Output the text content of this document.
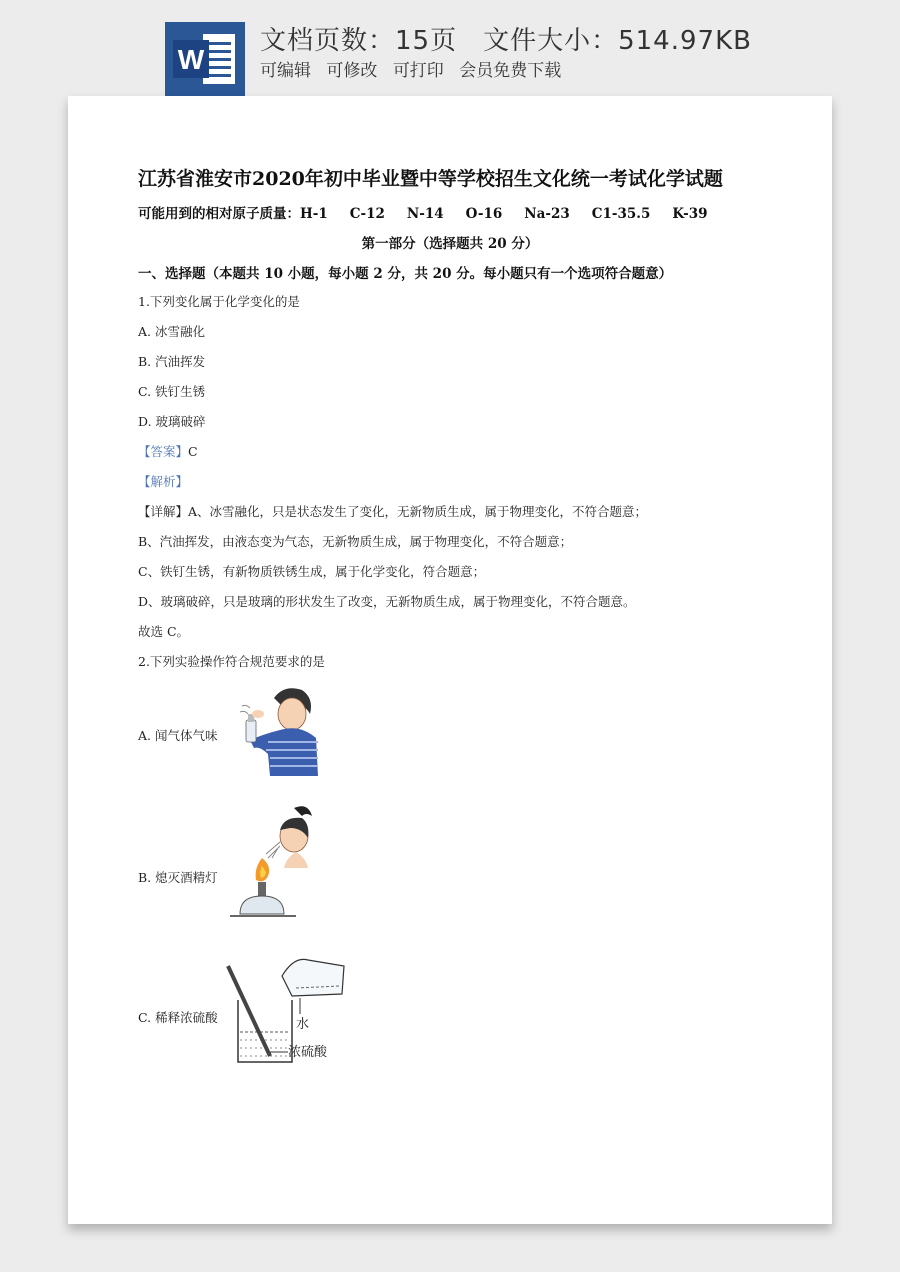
W
文档页数：15页 文件大小：514.97KB
可编辑 可修改 可打印 会员免费下载
江苏省淮安市2020年初中毕业暨中等学校招生文化统一考试化学试题
可能用到的相对原子质量：H-1 C-12 N-14 O-16 Na-23 C1-35.5 K-39
第一部分（选择题共 20 分）
一、选择题（本题共 10 小题，每小题 2 分，共 20 分。每小题只有一个选项符合题意）
1.下列变化属于化学变化的是
A. 冰雪融化
B. 汽油挥发
C. 铁钉生锈
D. 玻璃破碎
【答案】C
【解析】
【详解】A、冰雪融化，只是状态发生了变化，无新物质生成，属于物理变化，不符合题意；
B、汽油挥发，由液态变为气态，无新物质生成，属于物理变化，不符合题意；
C、铁钉生锈，有新物质铁锈生成，属于化学变化，符合题意；
D、玻璃破碎，只是玻璃的形状发生了改变，无新物质生成，属于物理变化，不符合题意。
故选 C。
2.下列实验操作符合规范要求的是
A. 闻气体气味
B. 熄灭酒精灯
C. 稀释浓硫酸	水
浓硫酸
